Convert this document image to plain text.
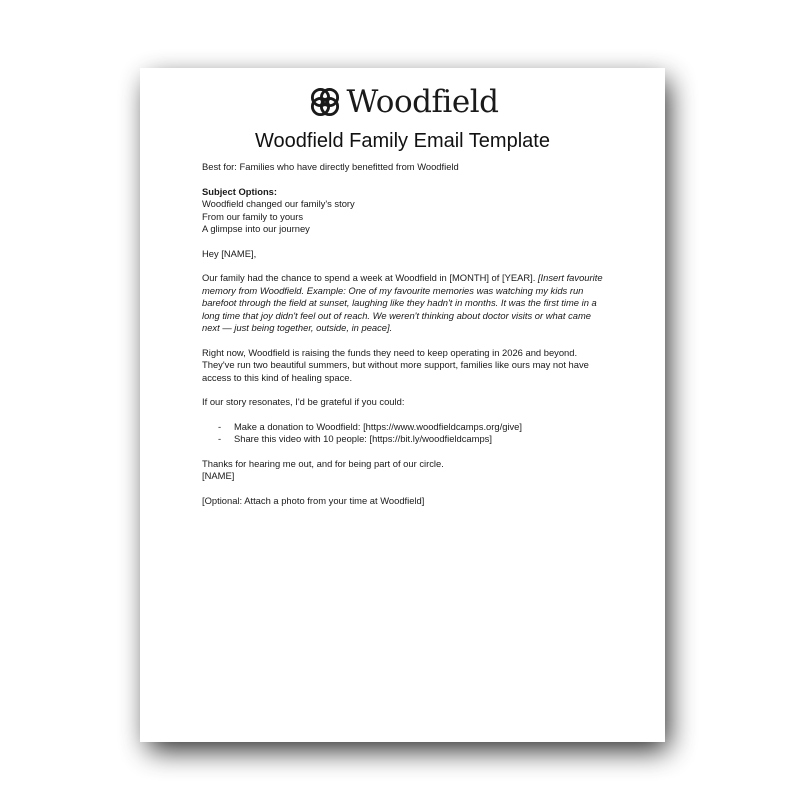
Woodfield
Woodfield Family Email Template

Best for: Families who have directly benefitted from Woodfield

Subject Options:

Woodfield changed our family's story

From our family to yours

A glimpse into our journey

Hey [NAME],

Our family had the chance to spend a week at Woodfield in [MONTH] of [YEAR]. [Insert favourite memory from Woodfield. Example: One of my favourite memories was watching my kids run barefoot through the field at sunset, laughing like they hadn't in months. It was the first time in a long time that joy didn't feel out of reach. We weren't thinking about doctor visits or what came next — just being together, outside, in peace].

Right now, Woodfield is raising the funds they need to keep operating in 2026 and beyond. They've run two beautiful summers, but without more support, families like ours may not have access to this kind of healing space.

If our story resonates, I'd be grateful if you could:

-	Make a donation to Woodfield: [https://www.woodfieldcamps.org/give]
-	Share this video with 10 people: [https://bit.ly/woodfieldcamps]

Thanks for hearing me out, and for being part of our circle.

[NAME]

[Optional: Attach a photo from your time at Woodfield]
